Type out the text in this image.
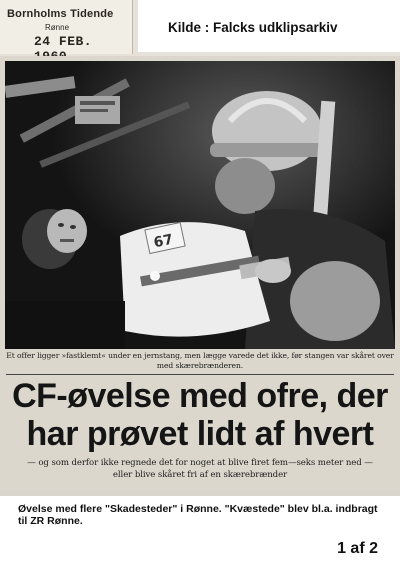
Bornholms Tidende
Rønne
24 FEB.
Kilde : Falcks udklipsarkiv
67
Et offer ligger »fastklemt« under en jernstang, men lægge varede det ikke, før stangen var skåret over
med skærebrænderen.
CF-øvelse med ofre, der
har prøvet lidt af hvert
— og som derfor ikke regnede det for noget at blive firet fem—seks meter ned —
eller blive skåret fri af en skærebrænder
Øvelse med flere "Skadesteder" i Rønne. "Kvæstede" blev bl.a. indbragt til ZR Rønne.
1 af 2
